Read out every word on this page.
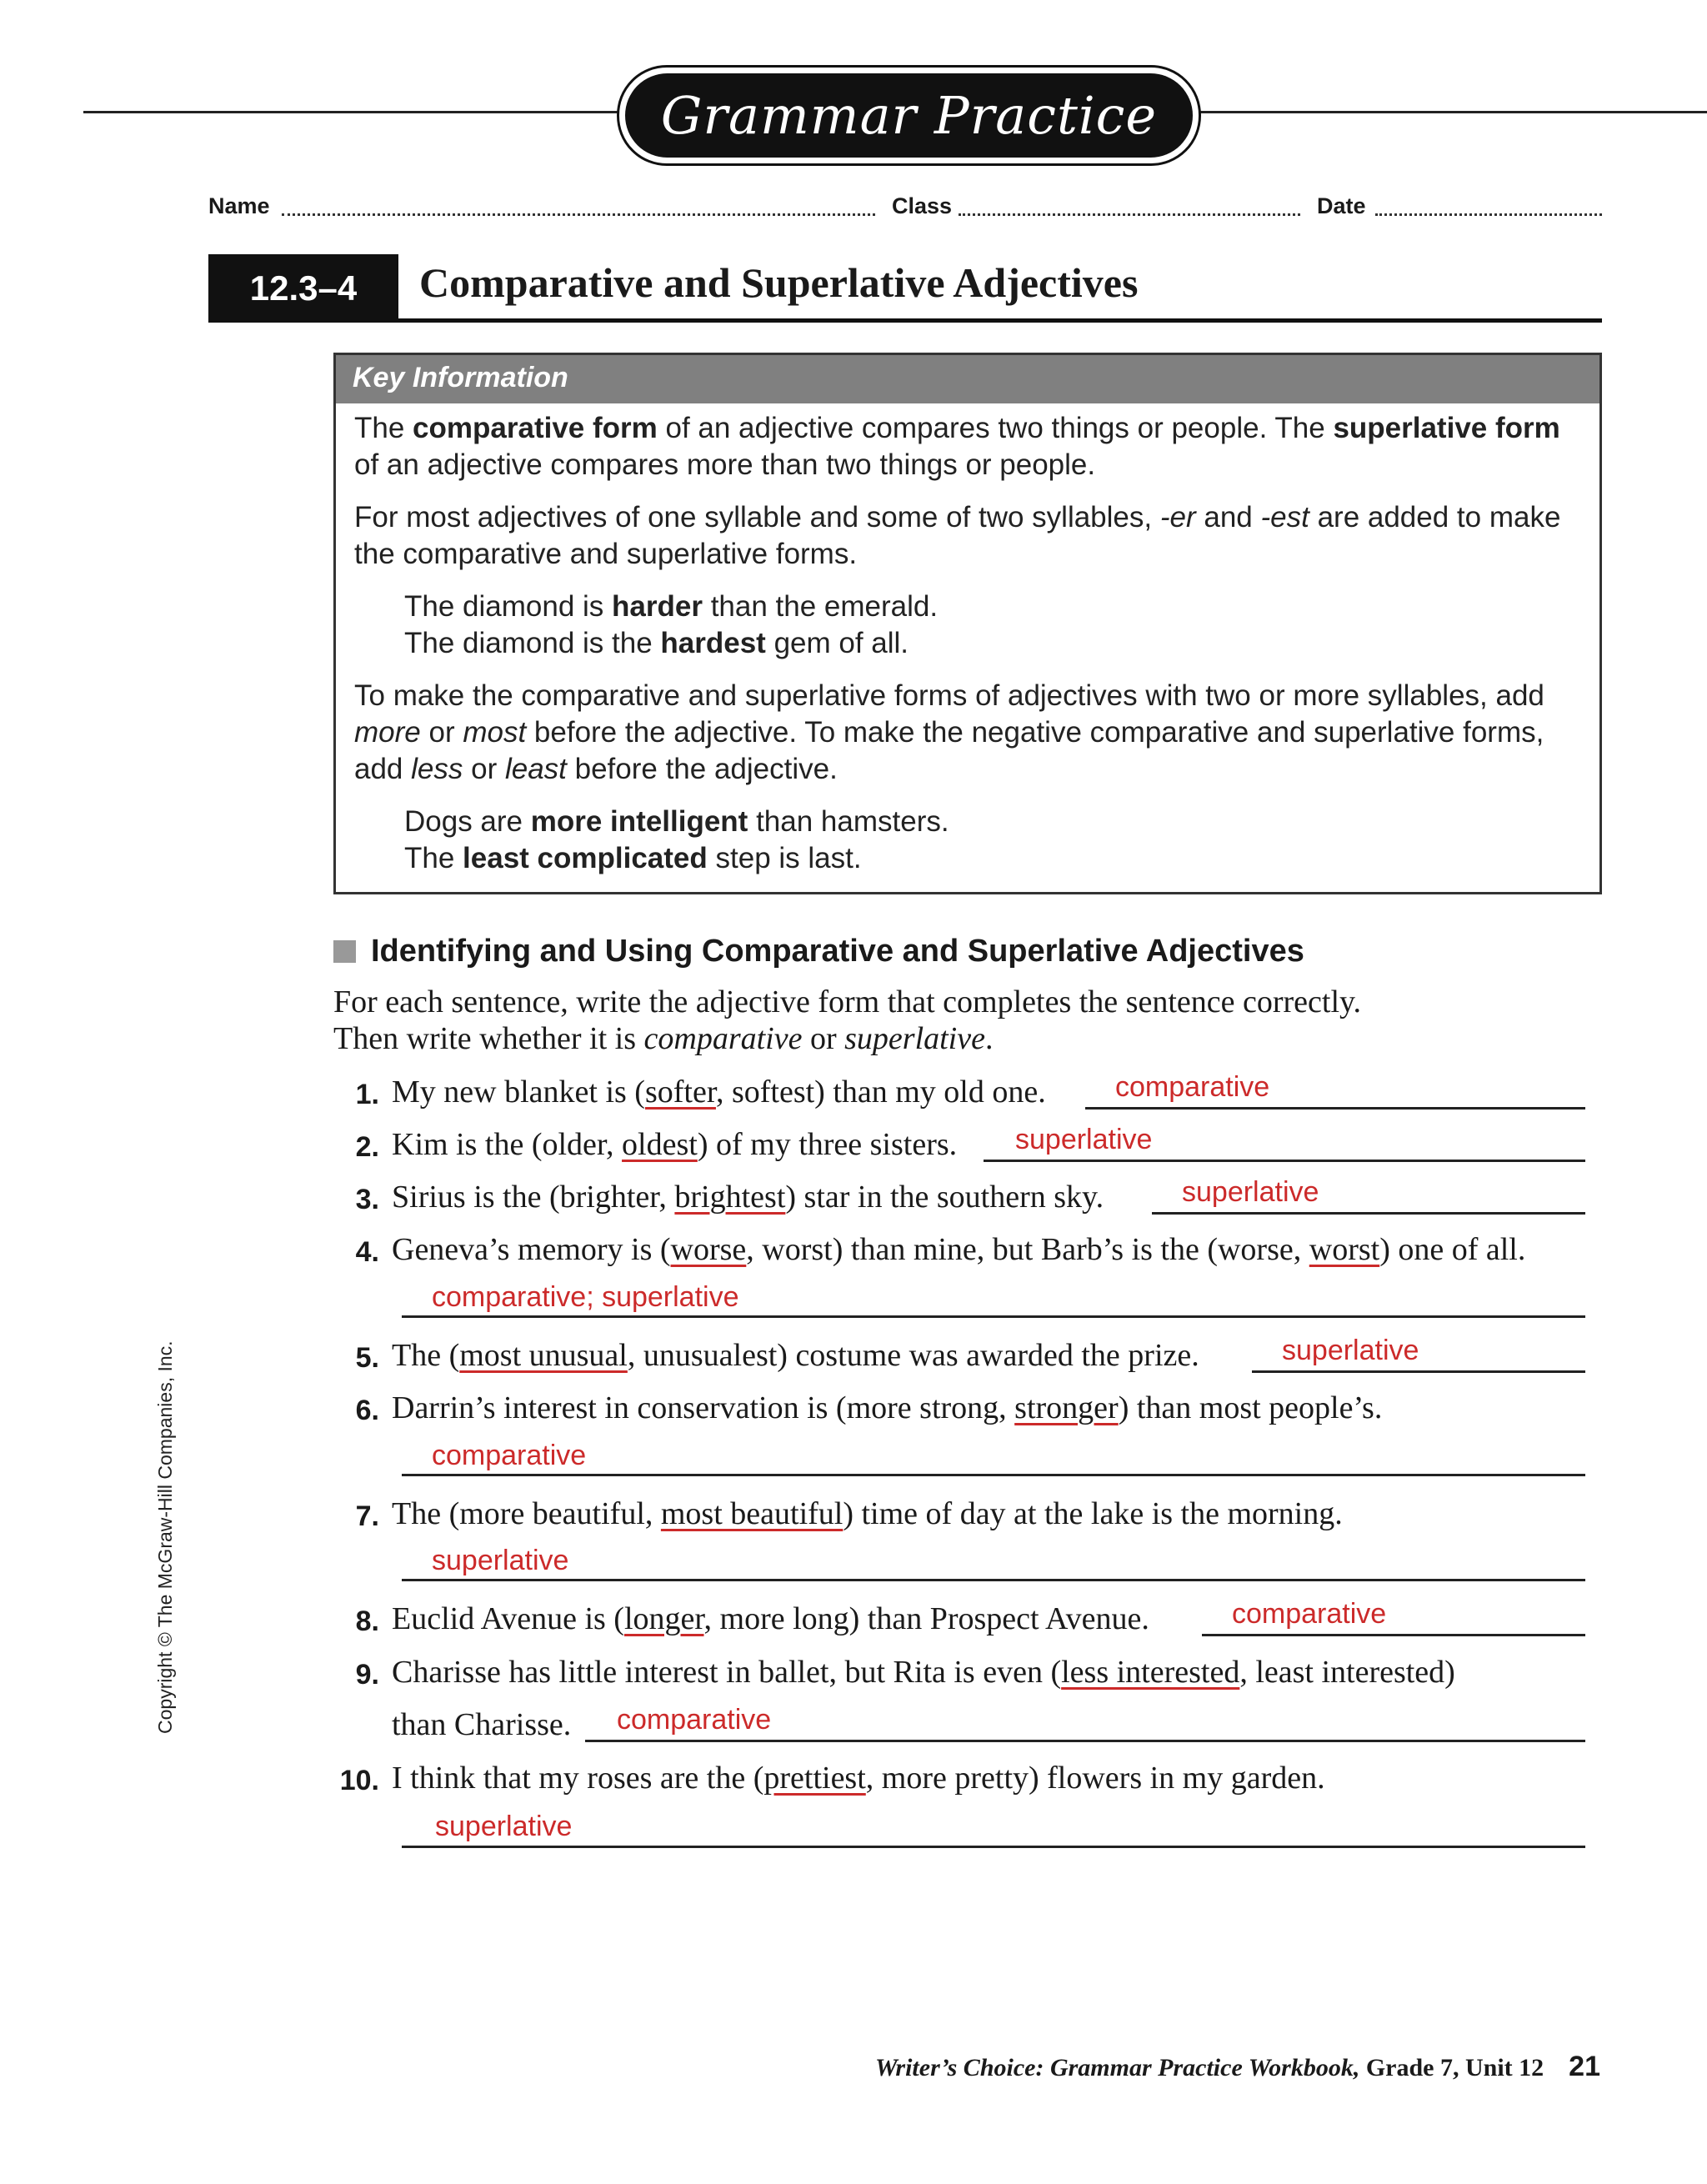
Grammar Practice
Name	Class	Date
12.3–4	Comparative and Superlative Adjectives
Key Information

The comparative form of an adjective compares two things or people. The superlative form of an adjective compares more than two things or people.

For most adjectives of one syllable and some of two syllables, -er and -est are added to make the comparative and superlative forms.

The diamond is harder than the emerald.
The diamond is the hardest gem of all.

To make the comparative and superlative forms of adjectives with two or more syllables, add more or most before the adjective. To make the negative comparative and superlative forms, add less or least before the adjective.

Dogs are more intelligent than hamsters.
The least complicated step is last.
Identifying and Using Comparative and Superlative Adjectives
For each sentence, write the adjective form that completes the sentence correctly.
Then write whether it is comparative or superlative.
1. My new blanket is (softer, softest) than my old one. comparative
2. Kim is the (older, oldest) of my three sisters. superlative
3. Sirius is the (brighter, brightest) star in the southern sky.	superlative
4. Geneva’s memory is (worse, worst) than mine, but Barb’s is the (worse, worst) one of all.
comparative; superlative
5. The (most unusual, unusualest) costume was awarded the prize.	superlative
6. Darrin’s interest in conservation is (more strong, stronger) than most people’s.
comparative
7. The (more beautiful, most beautiful) time of day at the lake is the morning.
superlative
8. Euclid Avenue is (longer, more long) than Prospect Avenue.	comparative
9. Charisse has little interest in ballet, but Rita is even (less interested, least interested)
than Charisse. comparative
10. I think that my roses are the (prettiest, more pretty) flowers in my garden.
superlative
Copyright © The McGraw-Hill Companies, Inc.
Writer’s Choice: Grammar Practice Workbook, Grade 7, Unit 12 21
